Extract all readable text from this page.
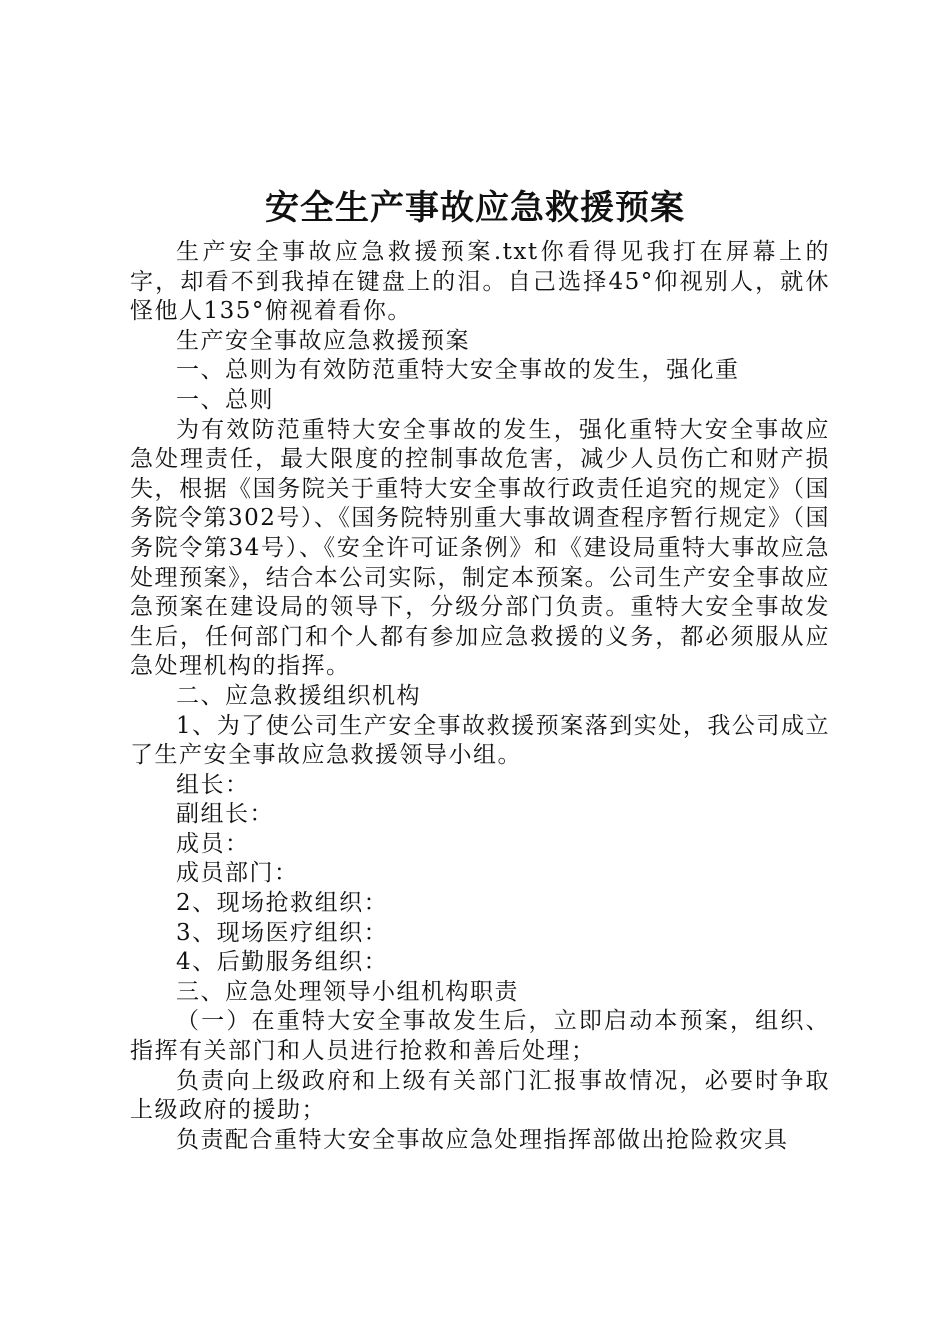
安全生产事故应急救援预案

生产安全事故应急救援预案.txt你看得见我打在屏幕上的字，却看不到我掉在键盘上的泪。自己选择45°仰视别人，就休怪他人135°俯视着看你。

生产安全事故应急救援预案

一、总则为有效防范重特大安全事故的发生，强化重

一、总则

为有效防范重特大安全事故的发生，强化重特大安全事故应急处理责任，最大限度的控制事故危害，减少人员伤亡和财产损失，根据《国务院关于重特大安全事故行政责任追究的规定》（国务院令第302号）、《国务院特别重大事故调查程序暂行规定》（国务院令第34号）、《安全许可证条例》和《建设局重特大事故应急处理预案》，结合本公司实际，制定本预案。公司生产安全事故应急预案在建设局的领导下，分级分部门负责。重特大安全事故发生后，任何部门和个人都有参加应急救援的义务，都必须服从应急处理机构的指挥。

二、应急救援组织机构

1、为了使公司生产安全事故救援预案落到实处，我公司成立了生产安全事故应急救援领导小组。

组长：

副组长：

成员：

成员部门：

2、现场抢救组织：

3、现场医疗组织：

4、后勤服务组织：

三、应急处理领导小组机构职责

（一）在重特大安全事故发生后，立即启动本预案，组织、指挥有关部门和人员进行抢救和善后处理；

负责向上级政府和上级有关部门汇报事故情况，必要时争取上级政府的援助；

负责配合重特大安全事故应急处理指挥部做出抢险救灾具
